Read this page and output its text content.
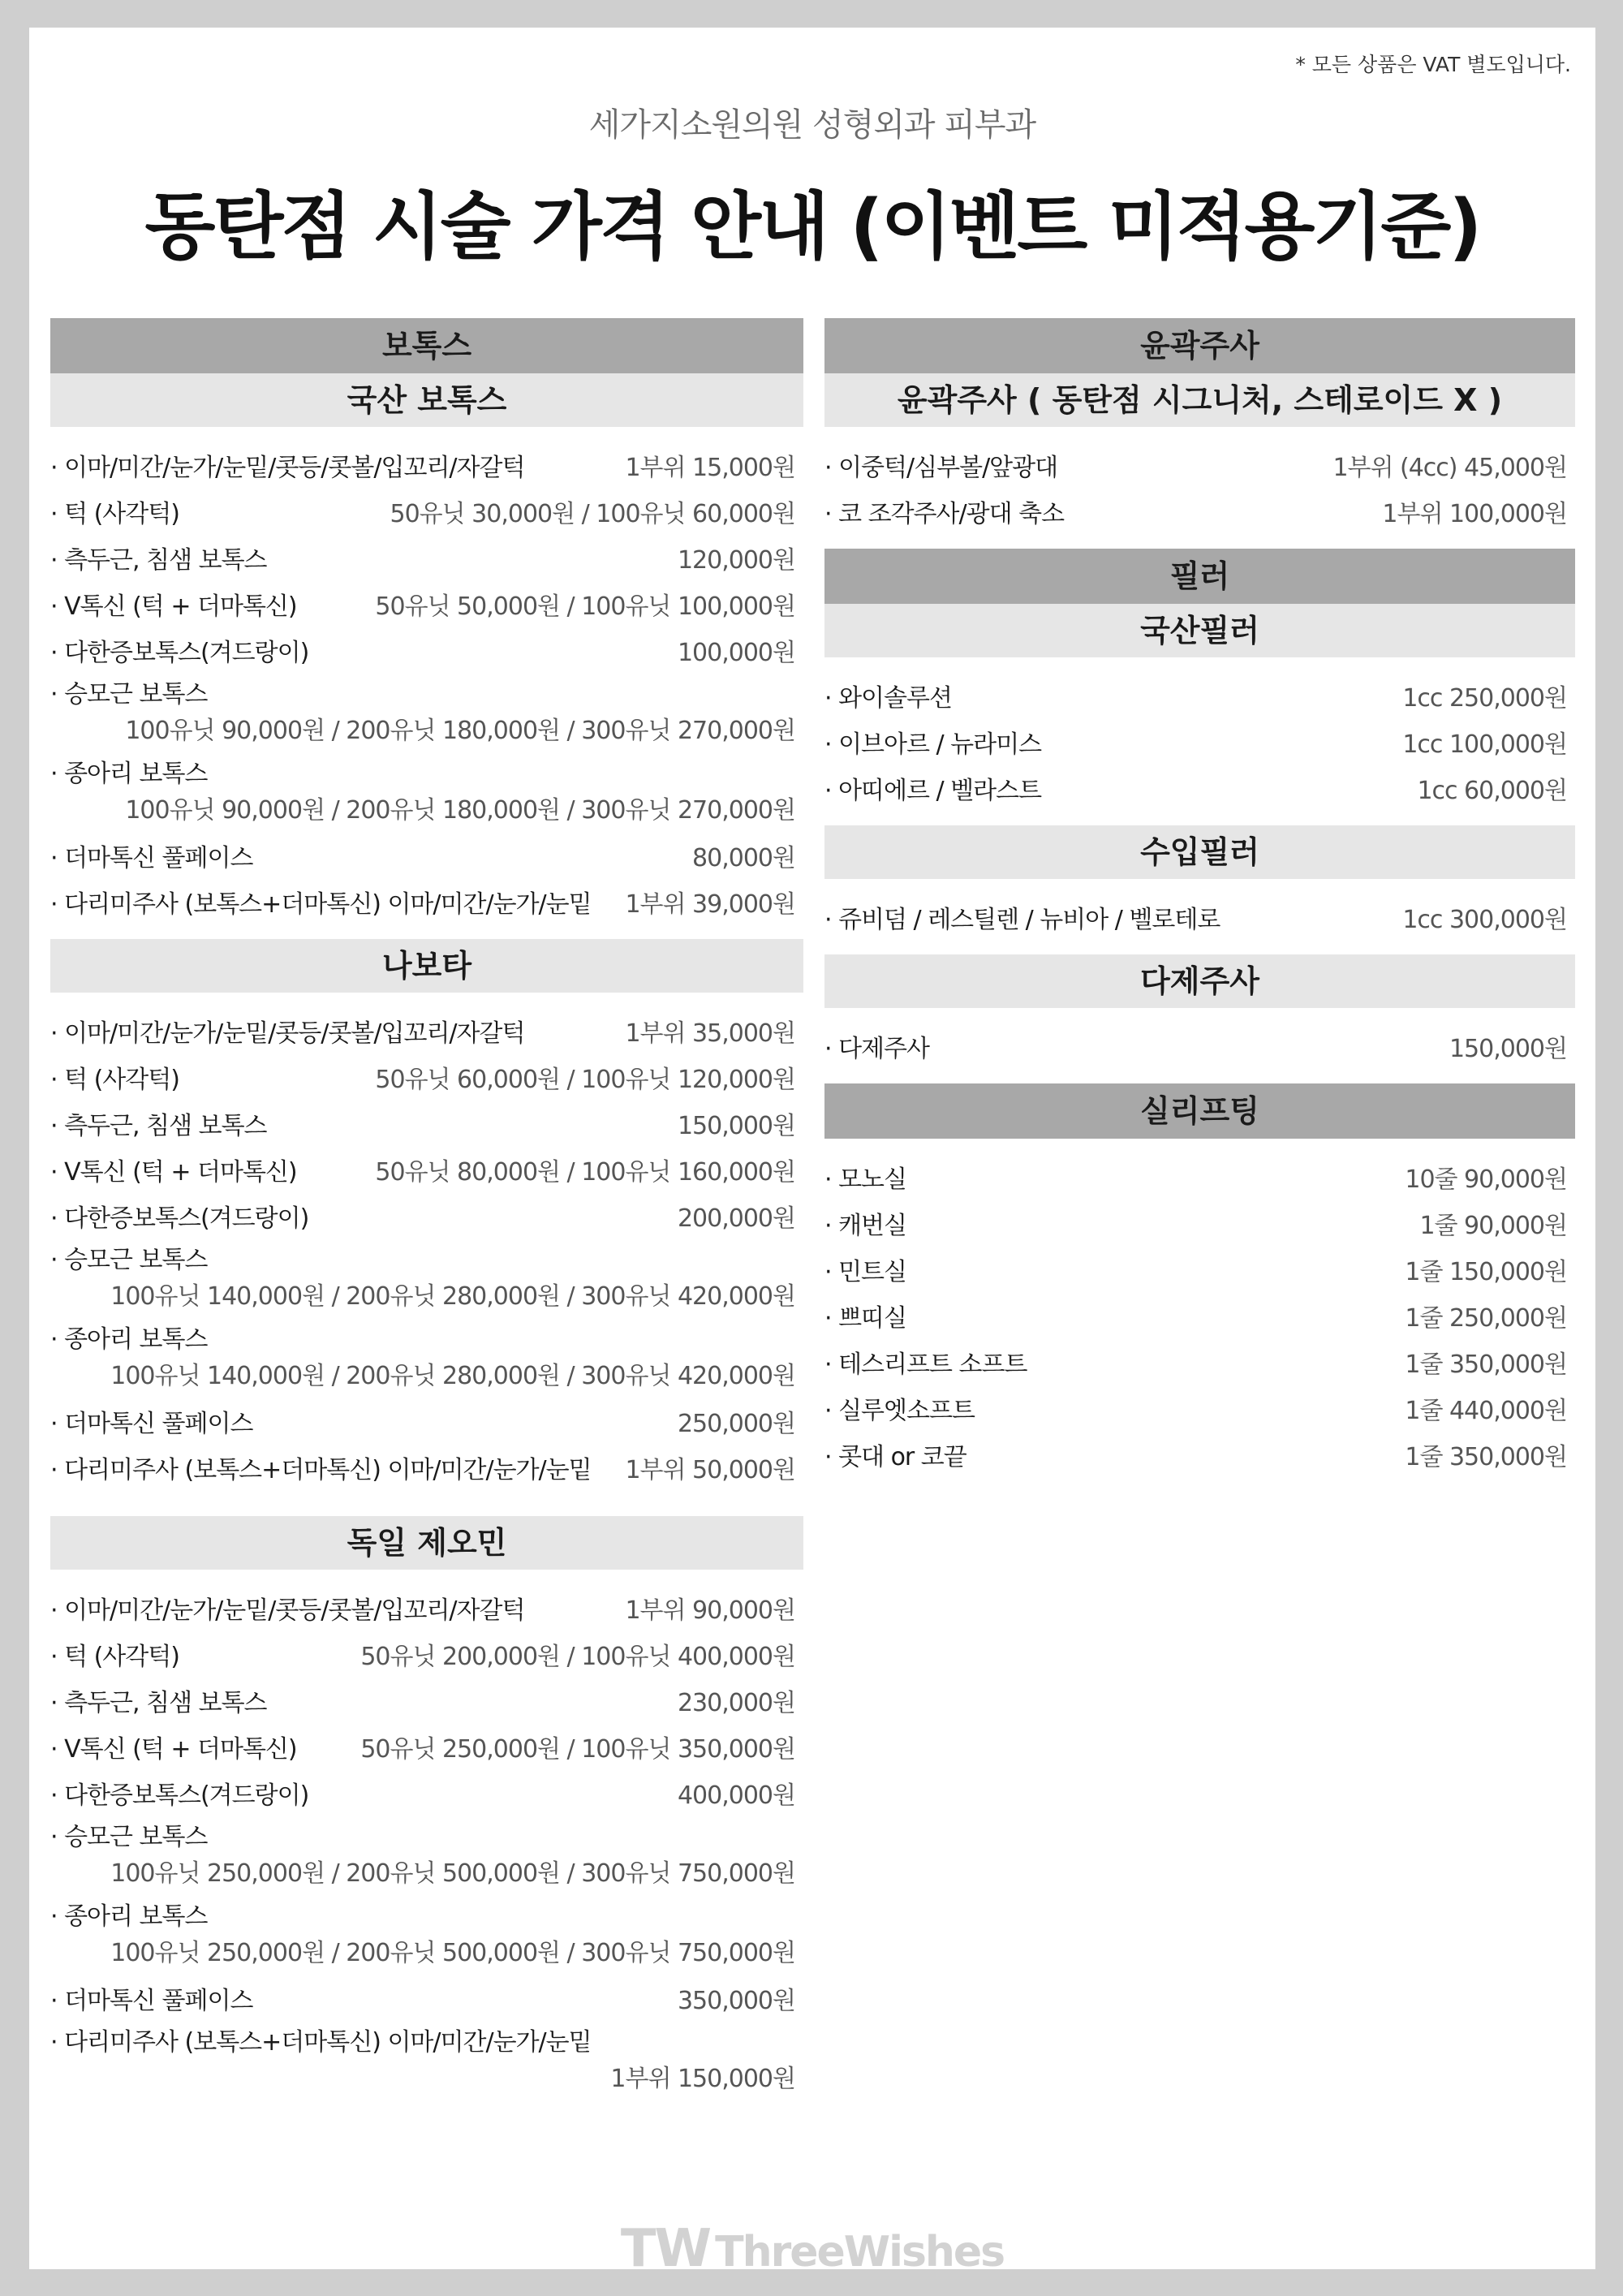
* 모든 상품은 VAT 별도입니다.
세가지소원의원 성형외과 피부과
동탄점 시술 가격 안내 (이벤트 미적용기준)
보톡스
국산 보톡스
· 이마/미간/눈가/눈밑/콧등/콧볼/입꼬리/자갈턱	1부위 15,000원
· 턱 (사각턱)	50유닛 30,000원 / 100유닛 60,000원
· 측두근, 침샘 보톡스	120,000원
· V톡신 (턱 + 더마톡신)	50유닛 50,000원 / 100유닛 100,000원
· 다한증보톡스(겨드랑이)	100,000원
· 승모근 보톡스
100유닛 90,000원 / 200유닛 180,000원 / 300유닛 270,000원
· 종아리 보톡스
100유닛 90,000원 / 200유닛 180,000원 / 300유닛 270,000원
· 더마톡신 풀페이스	80,000원
· 다리미주사 (보톡스+더마톡신) 이마/미간/눈가/눈밑 1부위 39,000원
나보타
· 이마/미간/눈가/눈밑/콧등/콧볼/입꼬리/자갈턱	1부위 35,000원
· 턱 (사각턱)	50유닛 60,000원 / 100유닛 120,000원
· 측두근, 침샘 보톡스	150,000원
· V톡신 (턱 + 더마톡신)	50유닛 80,000원 / 100유닛 160,000원
· 다한증보톡스(겨드랑이)	200,000원
· 승모근 보톡스
100유닛 140,000원 / 200유닛 280,000원 / 300유닛 420,000원
· 종아리 보톡스
100유닛 140,000원 / 200유닛 280,000원 / 300유닛 420,000원
· 더마톡신 풀페이스	250,000원
· 다리미주사 (보톡스+더마톡신) 이마/미간/눈가/눈밑 1부위 50,000원
독일 제오민
· 이마/미간/눈가/눈밑/콧등/콧볼/입꼬리/자갈턱	1부위 90,000원
· 턱 (사각턱)	50유닛 200,000원 / 100유닛 400,000원
· 측두근, 침샘 보톡스	230,000원
· V톡신 (턱 + 더마톡신)	50유닛 250,000원 / 100유닛 350,000원
· 다한증보톡스(겨드랑이)	400,000원
· 승모근 보톡스
100유닛 250,000원 / 200유닛 500,000원 / 300유닛 750,000원
· 종아리 보톡스
100유닛 250,000원 / 200유닛 500,000원 / 300유닛 750,000원
· 더마톡신 풀페이스	350,000원
· 다리미주사 (보톡스+더마톡신) 이마/미간/눈가/눈밑
1부위 150,000원
윤곽주사
윤곽주사 ( 동탄점 시그니처, 스테로이드 X )
· 이중턱/심부볼/앞광대	1부위 (4cc) 45,000원
· 코 조각주사/광대 축소	1부위 100,000원
필러
국산필러
· 와이솔루션	1cc 250,000원
· 이브아르 / 뉴라미스	1cc 100,000원
· 아띠에르 / 벨라스트	1cc 60,000원
수입필러
· 쥬비덤 / 레스틸렌 / 뉴비아 / 벨로테로	1cc 300,000원
다제주사
· 다제주사	150,000원
실리프팅
· 모노실	10줄 90,000원
· 캐번실	1줄 90,000원
· 민트실	1줄 150,000원
· 쁘띠실	1줄 250,000원
· 테스리프트 소프트	1줄 350,000원
· 실루엣소프트	1줄 440,000원
· 콧대 or 코끝	1줄 350,000원
TW ThreeWishes
